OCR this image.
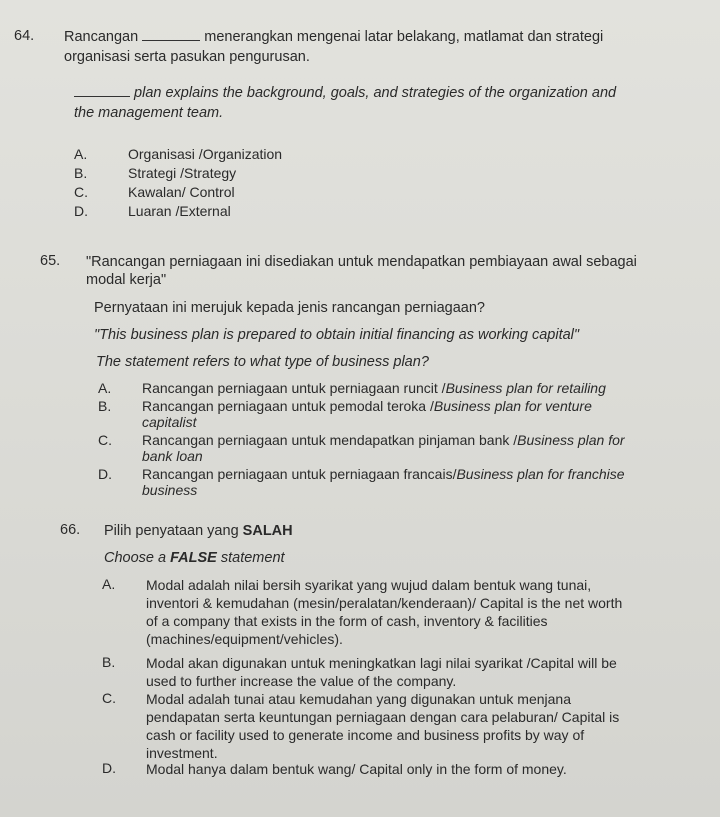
64. Rancangan	menerangkan mengenai latar belakang, matlamat dan strategi
organisasi serta pasukan pengurusan.
plan explains the background, goals, and strategies of the organization and
the management team.
A.	Organisasi /Organization
B.	Strategi /Strategy
C.	Kawalan/ Control
D.	Luaran /External
65. "Rancangan perniagaan ini disediakan untuk mendapatkan pembiayaan awal sebagai
modal kerja"
Pernyataan ini merujuk kepada jenis rancangan perniagaan?
"This business plan is prepared to obtain initial financing as working capital"
The statement refers to what type of business plan?
A. Rancangan perniagaan untuk perniagaan runcit /Business plan for retailing
B. Rancangan perniagaan untuk pemodal teroka /Business plan for venture
capitalist
C. Rancangan perniagaan untuk mendapatkan pinjaman bank /Business plan for
bank loan
D. Rancangan perniagaan untuk perniagaan francais/Business plan for franchise
business
66. Pilih penyataan yang SALAH
Choose a FALSE statement
A. Modal adalah nilai bersih syarikat yang wujud dalam bentuk wang tunai,
inventori & kemudahan (mesin/peralatan/kenderaan)/ Capital is the net worth
of a company that exists in the form of cash, inventory & facilities
(machines/equipment/vehicles).
B. Modal akan digunakan untuk meningkatkan lagi nilai syarikat /Capital will be
used to further increase the value of the company.
C. Modal adalah tunai atau kemudahan yang digunakan untuk menjana
pendapatan serta keuntungan perniagaan dengan cara pelaburan/ Capital is
cash or facility used to generate income and business profits by way of
investment.
D. Modal hanya dalam bentuk wang/ Capital only in the form of money.
